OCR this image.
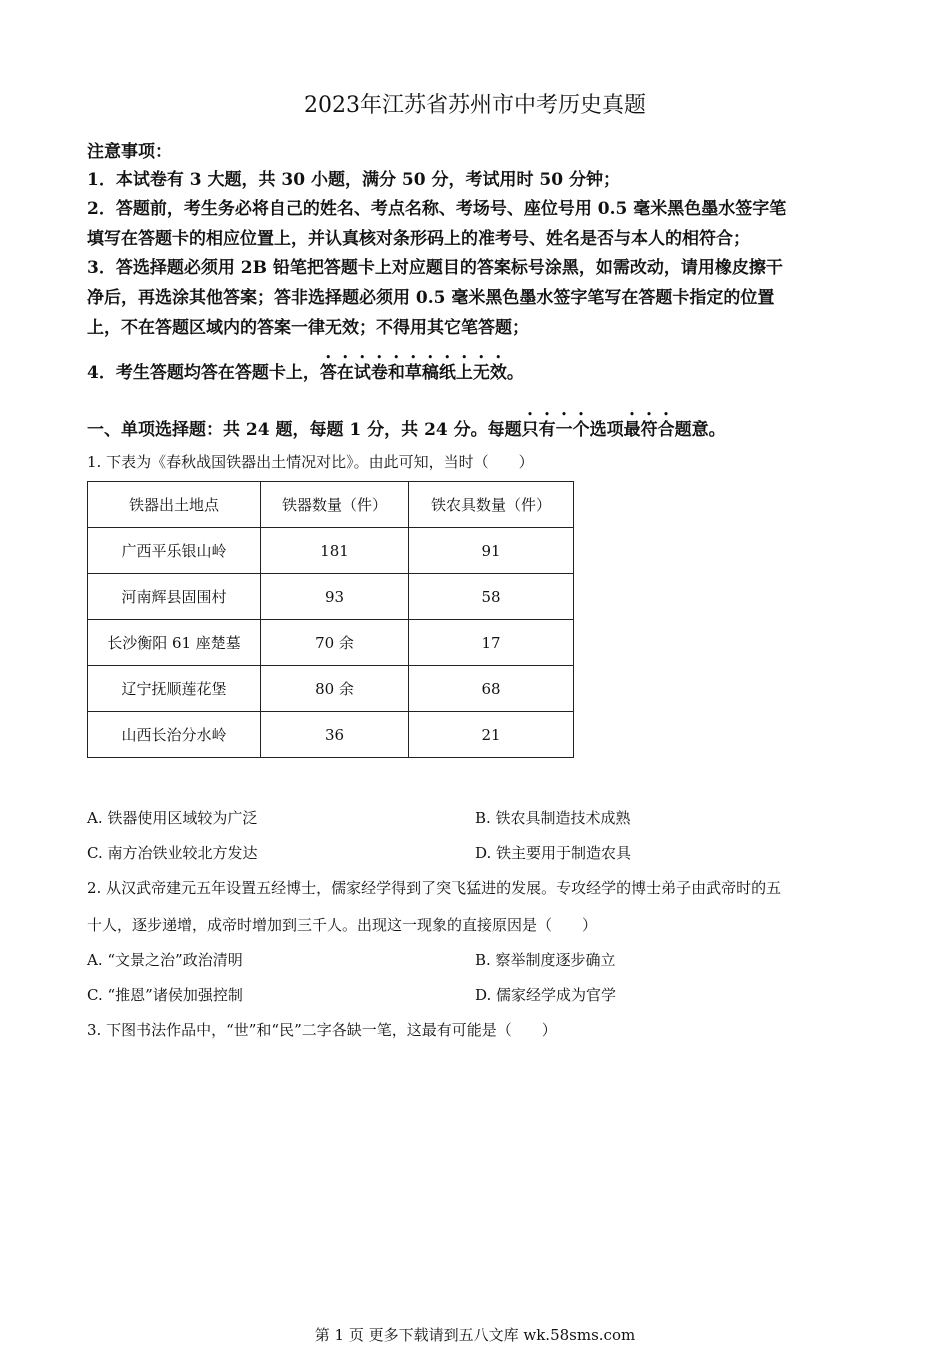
2023年江苏省苏州市中考历史真题
注意事项：
1．本试卷有 3 大题，共 30 小题，满分 50 分，考试用时 50 分钟；
2．答题前，考生务必将自己的姓名、考点名称、考场号、座位号用 0.5 毫米黑色墨水签字笔
填写在答题卡的相应位置上，并认真核对条形码上的准考号、姓名是否与本人的相符合；
3．答选择题必须用 2B 铅笔把答题卡上对应题目的答案标号涂黑，如需改动，请用橡皮擦干
净后，再选涂其他答案；答非选择题必须用 0.5 毫米黑色墨水签字笔写在答题卡指定的位置
上，不在答题区域内的答案一律无效；不得用其它笔答题；
4．考生答题均答在答题卡上，答在试卷和草稿纸上无效。
一、单项选择题：共 24 题，每题 1 分，共 24 分。每题只有一个选项最符合题意。
1. 下表为《春秋战国铁器出土情况对比》。由此可知，当时（　　）
铁器出土地点	铁器数量（件）	铁农具数量（件）
广西平乐银山岭	181	91
河南辉县固围村	93	58
长沙衡阳 61 座楚墓	70 余	17
辽宁抚顺莲花堡	80 余	68
山西长治分水岭	36	21
A. 铁器使用区域较为广泛	B. 铁农具制造技术成熟
C. 南方冶铁业较北方发达	D. 铁主要用于制造农具
2. 从汉武帝建元五年设置五经博士，儒家经学得到了突飞猛进的发展。专攻经学的博士弟子由武帝时的五
十人，逐步递增，成帝时增加到三千人。出现这一现象的直接原因是（　　）
A. “文景之治”政治清明	B. 察举制度逐步确立
C. “推恩”诸侯加强控制	D. 儒家经学成为官学
3. 下图书法作品中，“世”和“民”二字各缺一笔，这最有可能是（　　）
第 1 页 更多下载请到五八文库 wk.58sms.com
